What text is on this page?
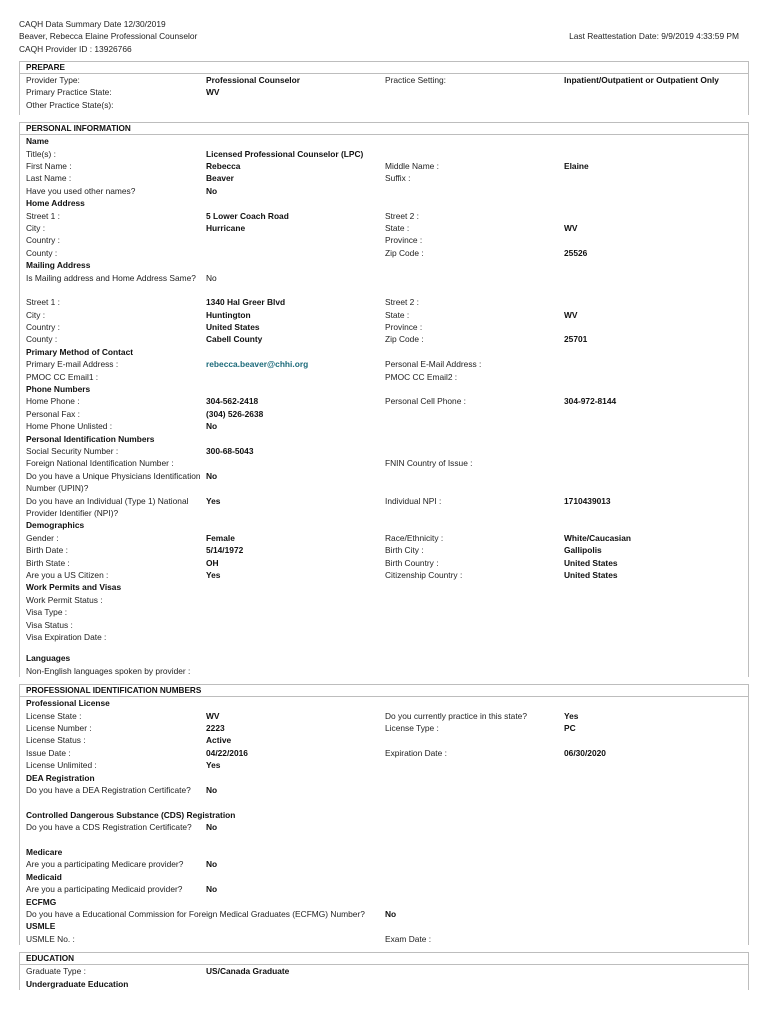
CAQH Data Summary Date 12/30/2019
Beaver, Rebecca Elaine Professional Counselor
CAQH Provider ID : 13926766
Last Reattestation Date: 9/9/2019 4:33:59 PM
PREPARE
Provider Type:	Professional Counselor	Practice Setting:	Inpatient/Outpatient or Outpatient Only
Primary Practice State:	WV
Other Practice State(s):
PERSONAL INFORMATION
Name
Title(s) :	Licensed Professional Counselor (LPC)
First Name :	Rebecca	Middle Name :	Elaine
Last Name :	Beaver	Suffix :
Have you used other names?	No
Home Address
Street 1 :	5 Lower Coach Road	Street 2 :
City :	Hurricane	State :	WV
Country :	Province :
County :	Zip Code :	25526
Mailing Address
Is Mailing address and Home Address Same?	No
Street 1 :	1340 Hal Greer Blvd	Street 2 :
City :	Huntington	State :	WV
Country :	United States	Province :
County :	Cabell County	Zip Code :	25701
Primary Method of Contact
Primary E-mail Address :	rebecca.beaver@chhi.org	Personal E-Mail Address :
PMOC CC Email1 :	PMOC CC Email2 :
Phone Numbers
Home Phone :	304-562-2418	Personal Cell Phone :	304-972-8144
Personal Fax :	(304) 526-2638
Home Phone Unlisted :	No
Personal Identification Numbers
Social Security Number :	300-68-5043
Foreign National Identification Number :	FNIN Country of Issue :
Do you have a Unique Physicians Identification Number (UPIN)?
No
Do you have an Individual (Type 1) National Provider Identifier (NPI)?
Yes	Individual NPI :	1710439013
Demographics
Gender :	Female	Race/Ethnicity :	White/Caucasian
Birth Date :	5/14/1972	Birth City :	Gallipolis
Birth State :	OH	Birth Country :	United States
Are you a US Citizen :	Yes	Citizenship Country :	United States
Work Permits and Visas
Work Permit Status :
Visa Type :
Visa Status :
Visa Expiration Date :
Languages
Non-English languages spoken by provider :
PROFESSIONAL IDENTIFICATION NUMBERS
Professional License
License State :	WV	Do you currently practice in this state?	Yes
License Number :	2223	License Type :	PC
License Status :	Active
Issue Date :	04/22/2016	Expiration Date :	06/30/2020
License Unlimited :	Yes
DEA Registration
Do you have a DEA Registration Certificate?	No
Controlled Dangerous Substance (CDS) Registration
Do you have a CDS Registration Certificate?	No
Medicare
Are you a participating Medicare provider?	No
Medicaid
Are you a participating Medicaid provider?	No
ECFMG
Do you have a Educational Commission for Foreign Medical Graduates (ECFMG) Number?	No
USMLE
USMLE No. :	Exam Date :
EDUCATION
Graduate Type :	US/Canada Graduate
Undergraduate Education
